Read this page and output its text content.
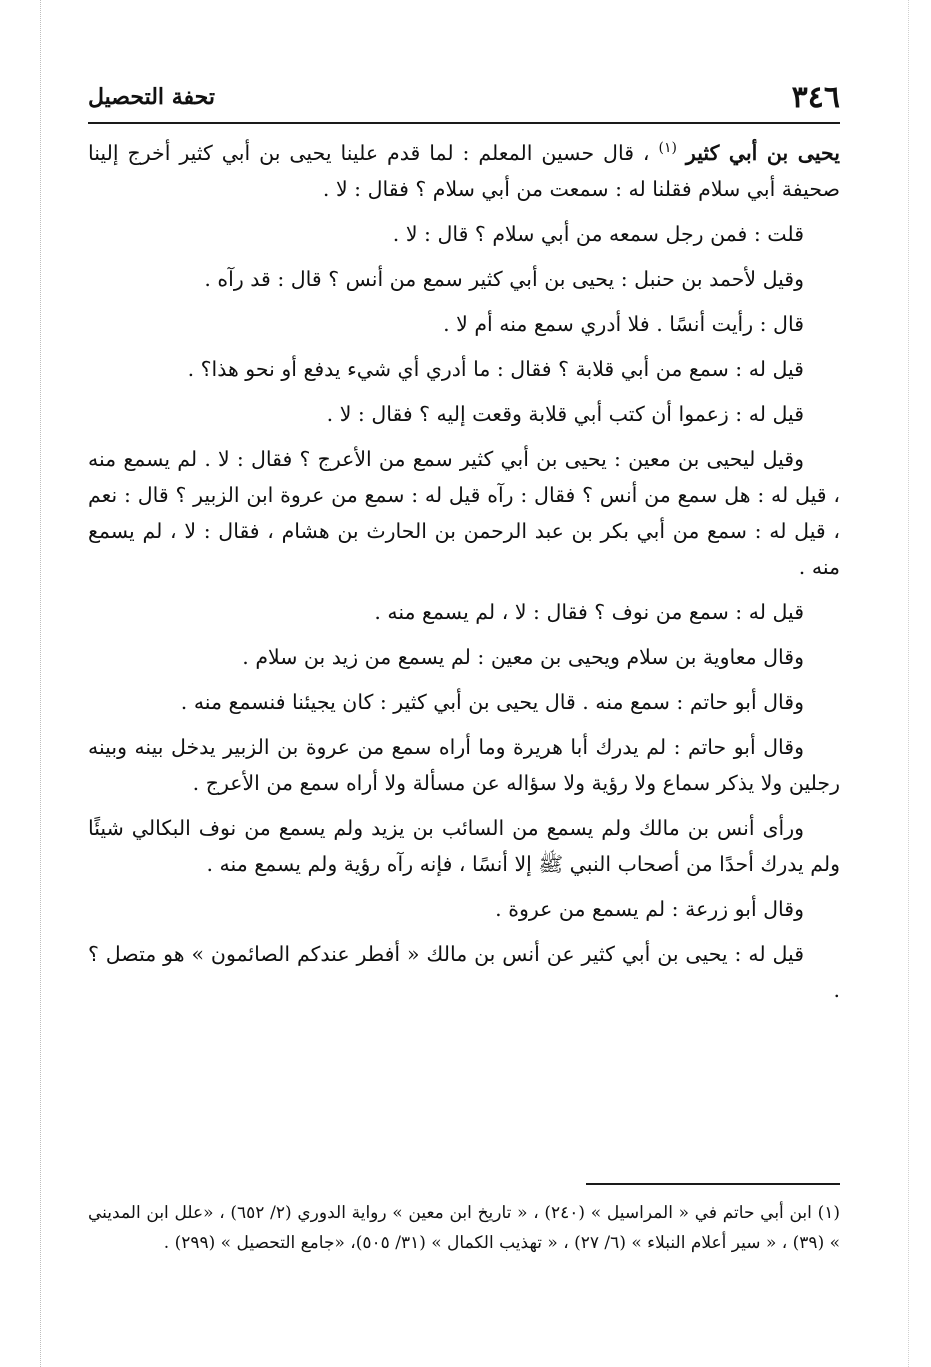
٣٤٦
تحفة التحصيل

يحيى بن أبي كثير $^{(١)}$ ، قال حسين المعلم : لما قدم علينا يحيى بن أبي كثير أخرج إلينا صحيفة أبي سلام فقلنا له : سمعت من أبي سلام ؟ فقال : لا .

قلت : فمن رجل سمعه من أبي سلام ؟ قال : لا .

وقيل لأحمد بن حنبل : يحيى بن أبي كثير سمع من أنس ؟ قال : قد رآه .

قال : رأيت أنسًا . فلا أدري سمع منه أم لا .

قيل له : سمع من أبي قلابة ؟ فقال : ما أدري أي شيء يدفع أو نحو هذا؟ .

قيل له : زعموا أن كتب أبي قلابة وقعت إليه ؟ فقال : لا .

وقيل ليحيى بن معين : يحيى بن أبي كثير سمع من الأعرج ؟ فقال : لا . لم يسمع منه ، قيل له : هل سمع من أنس ؟ فقال : رآه قيل له : سمع من عروة ابن الزبير ؟ قال : نعم ، قيل له : سمع من أبي بكر بن عبد الرحمن بن الحارث بن هشام ، فقال : لا ، لم يسمع منه .

قيل له : سمع من نوف ؟ فقال : لا ، لم يسمع منه .

وقال معاوية بن سلام ويحيى بن معين : لم يسمع من زيد بن سلام .

وقال أبو حاتم : سمع منه . قال يحيى بن أبي كثير : كان يجيئنا فنسمع منه .

وقال أبو حاتم : لم يدرك أبا هريرة وما أراه سمع من عروة بن الزبير يدخل بينه وبينه رجلين ولا يذكر سماع ولا رؤية ولا سؤاله عن مسألة ولا أراه سمع من الأعرج .

ورأى أنس بن مالك ولم يسمع من السائب بن يزيد ولم يسمع من نوف البكالي شيئًا ولم يدرك أحدًا من أصحاب النبي ﷺ إلا أنسًا ، فإنه رآه رؤية ولم يسمع منه .

وقال أبو زرعة : لم يسمع من عروة .

قيل له : يحيى بن أبي كثير عن أنس بن مالك « أفطر عندكم الصائمون » هو متصل ؟ .

(١) ابن أبي حاتم في « المراسيل » (٢٤٠) ، « تاريخ ابن معين » رواية الدوري (٢/ ٦٥٢) ، «علل ابن المديني » (٣٩) ، « سير أعلام النبلاء » (٦/ ٢٧) ، « تهذيب الكمال » (٣١/ ٥٠٥)، «جامع التحصيل » (٢٩٩) .
